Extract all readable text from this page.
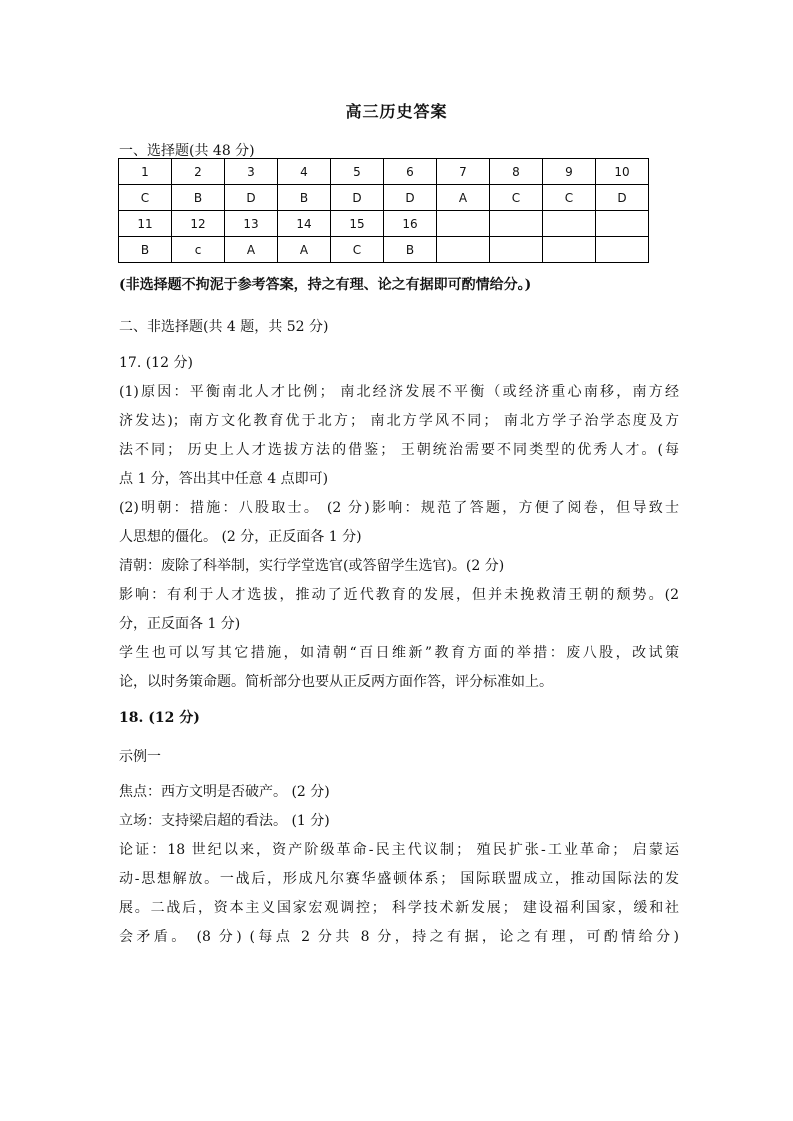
高三历史答案
一、选择题(共 48 分)
1	2	3	4	5	6	7	8	9	10
C	B	D	B	D	D	A	C	C	D
11	12	13	14	15	16				
B	c	A	A	C	B				
(非选择题不拘泥于参考答案，持之有理、论之有据即可酌情给分。)
二、非选择题(共 4 题，共 52 分)
17. (12 分)
(1)原因：平衡南北人才比例； 南北经济发展不平衡（或经济重心南移，南方经
济发达)；南方文化教育优于北方； 南北方学风不同； 南北方学子治学态度及方
法不同； 历史上人才选拔方法的借鉴； 王朝统治需要不同类型的优秀人才。(每
点 1 分，答出其中任意 4 点即可)
(2)明朝：措施：八股取士。 (2 分)影响：规范了答题，方便了阅卷，但导致士
人思想的僵化。 (2 分，正反面各 1 分)
清朝：废除了科举制，实行学堂选官(或答留学生选官)。(2 分)
影响：有利于人才选拔，推动了近代教育的发展，但并未挽救清王朝的颓势。(2
分，正反面各 1 分)
学生也可以写其它措施，如清朝“百日维新”教育方面的举措：废八股，改试策
论，以时务策命题。简析部分也要从正反两方面作答，评分标准如上。
18. (12 分)
示例一
焦点：西方文明是否破产。 (2 分)
立场：支持梁启超的看法。 (1 分)
论证：18 世纪以来，资产阶级革命-民主代议制； 殖民扩张-工业革命； 启蒙运
动-思想解放。一战后，形成凡尔赛华盛顿体系； 国际联盟成立，推动国际法的发
展。二战后，资本主义国家宏观调控； 科学技术新发展； 建设福利国家，缓和社
会矛盾。 (8 分) (每点 2 分共 8 分，持之有据，论之有理，可酌情给分)
